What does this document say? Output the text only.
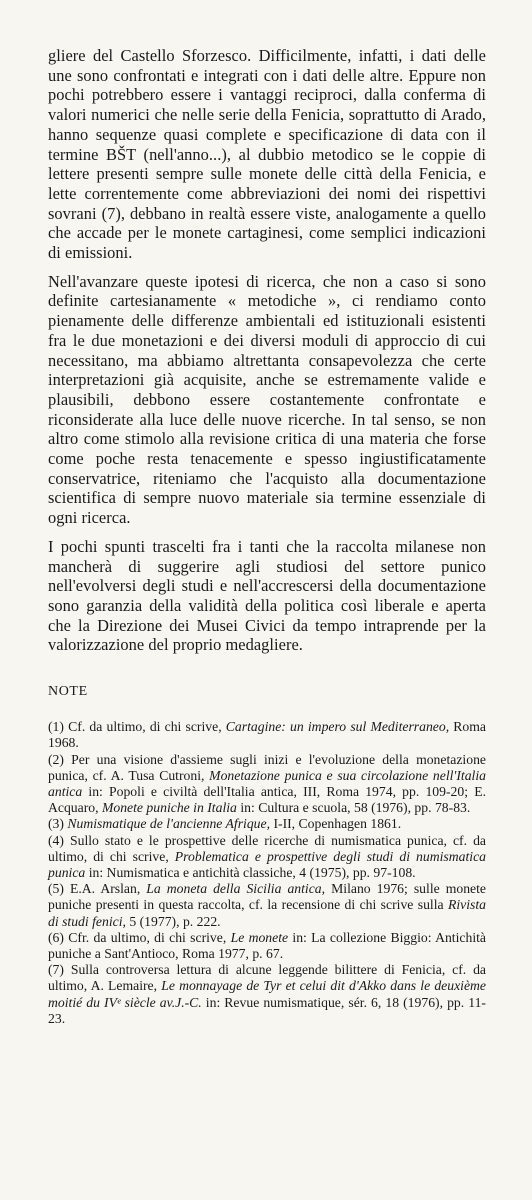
gliere del Castello Sforzesco. Difficilmente, infatti, i dati delle une sono confrontati e integrati con i dati delle altre. Eppure non pochi potrebbero essere i vantaggi reciproci, dalla conferma di valori numerici che nelle serie della Fenicia, soprattutto di Arado, hanno sequenze quasi complete e specificazione di data con il termine BŠT (nell'anno...), al dubbio metodico se le coppie di lettere presenti sempre sulle monete delle città della Fenicia, e lette correntemente come abbreviazioni dei nomi dei rispettivi sovrani (7), debbano in realtà essere viste, analogamente a quello che accade per le monete cartaginesi, come semplici indicazioni di emissioni.

Nell'avanzare queste ipotesi di ricerca, che non a caso si sono definite cartesianamente « metodiche », ci rendiamo conto pienamente delle differenze ambientali ed istituzionali esistenti fra le due monetazioni e dei diversi moduli di approccio di cui necessitano, ma abbiamo altrettanta consapevolezza che certe interpretazioni già acquisite, anche se estremamente valide e plausibili, debbono essere costantemente confrontate e riconsiderate alla luce delle nuove ricerche. In tal senso, se non altro come stimolo alla revisione critica di una materia che forse come poche resta tenacemente e spesso ingiustificatamente conservatrice, riteniamo che l'acquisto alla documentazione scientifica di sempre nuovo materiale sia termine essenziale di ogni ricerca.

I pochi spunti trascelti fra i tanti che la raccolta milanese non mancherà di suggerire agli studiosi del settore punico nell'evolversi degli studi e nell'accrescersi della documentazione sono garanzia della validità della politica così liberale e aperta che la Direzione dei Musei Civici da tempo intraprende per la valorizzazione del proprio medagliere.

NOTE

(1) Cf. da ultimo, di chi scrive, Cartagine: un impero sul Mediterraneo, Roma 1968.

(2) Per una visione d'assieme sugli inizi e l'evoluzione della monetazione punica, cf. A. Tusa Cutroni, Monetazione punica e sua circolazione nell'Italia antica in: Popoli e civiltà dell'Italia antica, III, Roma 1974, pp. 109-20; E. Acquaro, Monete puniche in Italia in: Cultura e scuola, 58 (1976), pp. 78-83.

(3) Numismatique de l'ancienne Afrique, I-II, Copenhagen 1861.

(4) Sullo stato e le prospettive delle ricerche di numismatica punica, cf. da ultimo, di chi scrive, Problematica e prospettive degli studi di numismatica punica in: Numismatica e antichità classiche, 4 (1975), pp. 97-108.

(5) E.A. Arslan, La moneta della Sicilia antica, Milano 1976; sulle monete puniche presenti in questa raccolta, cf. la recensione di chi scrive sulla Rivista di studi fenici, 5 (1977), p. 222.

(6) Cfr. da ultimo, di chi scrive, Le monete in: La collezione Biggio: Antichità puniche a Sant'Antioco, Roma 1977, p. 67.

(7) Sulla controversa lettura di alcune leggende bilittere di Fenicia, cf. da ultimo, A. Lemaire, Le monnayage de Tyr et celui dit d'Akko dans le deuxième moitié du IVᵉ siècle av.J.-C. in: Revue numismatique, sér. 6, 18 (1976), pp. 11-23.
